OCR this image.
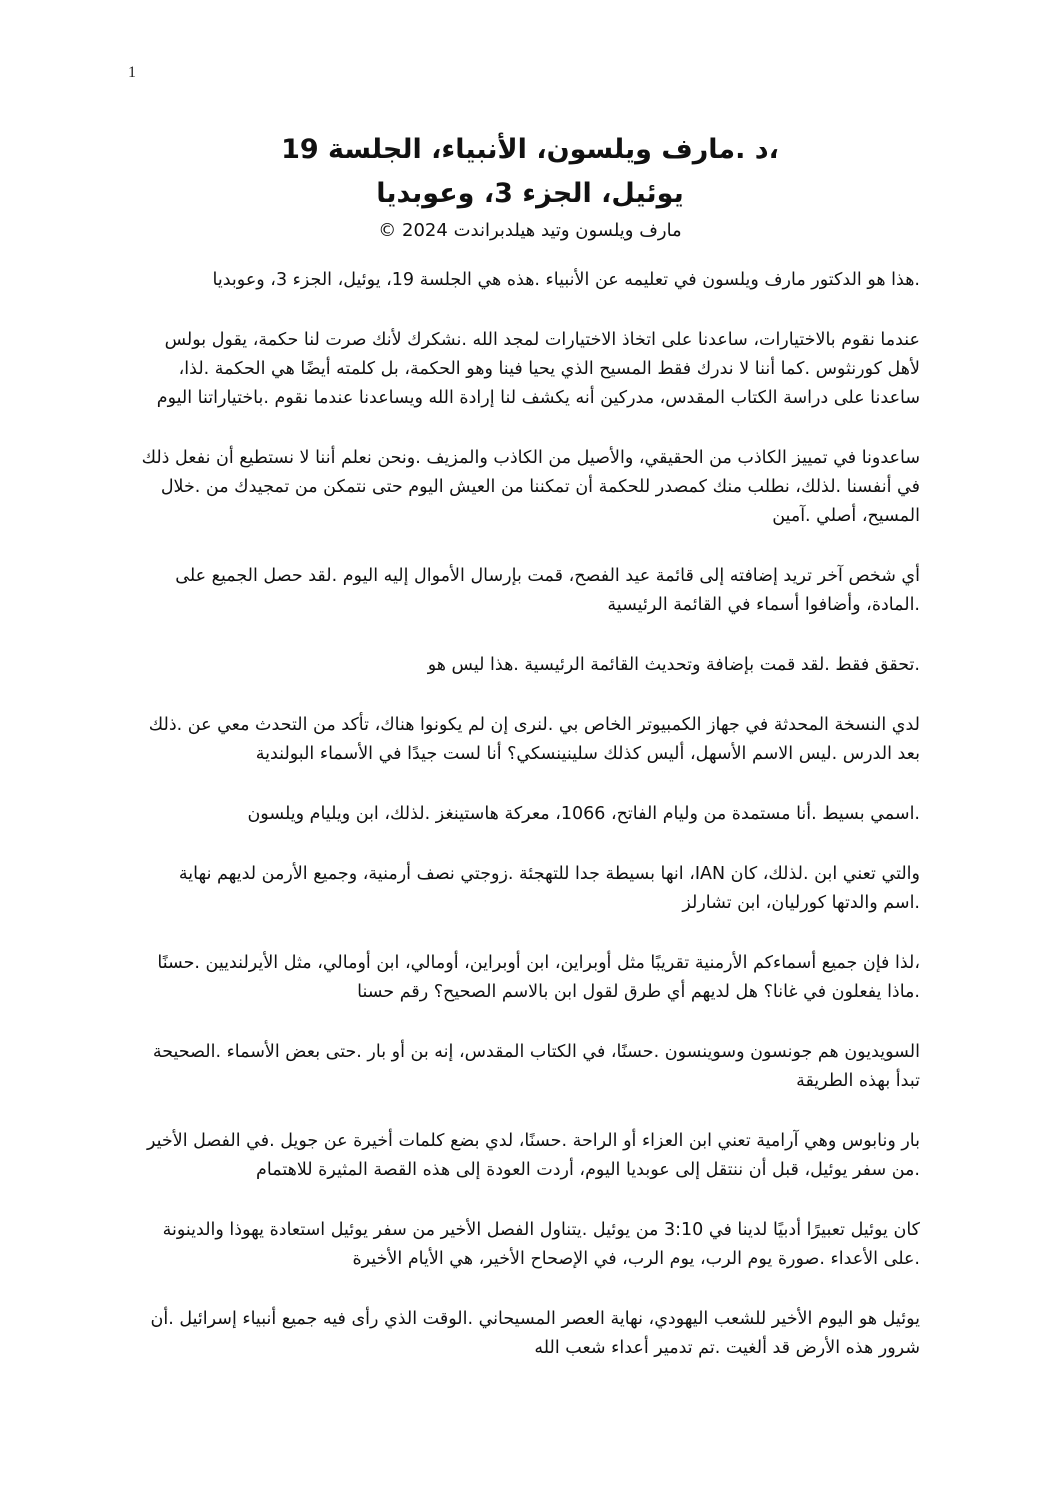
1

،د .مارف ويلسون، الأنبياء، الجلسة 19

يوئيل، الجزء 3، وعوبديا

مارف ويلسون وتيد هيلدبراندت 2024 ©

.هذا هو الدكتور مارف ويلسون في تعليمه عن الأنبياء .هذه هي الجلسة 19، يوئيل، الجزء 3، وعوبديا

عندما نقوم بالاختيارات، ساعدنا على اتخاذ الاختيارات لمجد الله .نشكرك لأنك صرت لنا حكمة، يقول بولس لأهل كورنثوس .كما أننا لا ندرك فقط المسيح الذي يحيا فينا وهو الحكمة، بل كلمته أيضًا هي الحكمة .لذا، ساعدنا على دراسة الكتاب المقدس، مدركين أنه يكشف لنا إرادة الله ويساعدنا عندما نقوم .باختياراتنا اليوم

ساعدونا في تمييز الكاذب من الحقيقي، والأصيل من الكاذب والمزيف .ونحن نعلم أننا لا نستطيع أن نفعل ذلك في أنفسنا .لذلك، نطلب منك كمصدر للحكمة أن تمكننا من العيش اليوم حتى نتمكن من تمجيدك من .خلال المسيح، أصلي .آمين

أي شخص آخر تريد إضافته إلى قائمة عيد الفصح، قمت بإرسال الأموال إليه اليوم .لقد حصل الجميع على .المادة، وأضافوا أسماء في القائمة الرئيسية

.تحقق فقط .لقد قمت بإضافة وتحديث القائمة الرئيسية .هذا ليس هو

لدي النسخة المحدثة في جهاز الكمبيوتر الخاص بي .لنرى إن لم يكونوا هناك، تأكد من التحدث معي عن .ذلك بعد الدرس .ليس الاسم الأسهل، أليس كذلك سلينينسكي؟ أنا لست جيدًا في الأسماء البولندية

.اسمي بسيط .أنا مستمدة من وليام الفاتح، 1066، معركة هاستينغز .لذلك، ابن ويليام ويلسون

والتي تعني ابن .لذلك، كان IAN، انها بسيطة جدا للتهجئة .زوجتي نصف أرمنية، وجميع الأرمن لديهم نهاية .اسم والدتها كورليان، ابن تشارلز

،لذا فإن جميع أسماءكم الأرمنية تقريبًا مثل أوبراين، ابن أوبراين، أومالي، ابن أومالي، مثل الأيرلنديين .حسنًا .ماذا يفعلون في غانا؟ هل لديهم أي طرق لقول ابن بالاسم الصحيح؟ رقم حسنا

السويديون هم جونسون وسوينسون .حسنًا، في الكتاب المقدس، إنه بن أو بار .حتى بعض الأسماء .الصحيحة تبدأ بهذه الطريقة

بار ونابوس وهي آرامية تعني ابن العزاء أو الراحة .حسنًا، لدي بضع كلمات أخيرة عن جويل .في الفصل الأخير .من سفر يوئيل، قبل أن ننتقل إلى عوبديا اليوم، أردت العودة إلى هذه القصة المثيرة للاهتمام

كان يوئيل تعبيرًا أدبيًا لدينا في 3:10 من يوئيل .يتناول الفصل الأخير من سفر يوئيل استعادة يهوذا والدينونة .على الأعداء .صورة يوم الرب، يوم الرب، في الإصحاح الأخير، هي الأيام الأخيرة

يوئيل هو اليوم الأخير للشعب اليهودي، نهاية العصر المسيحاني .الوقت الذي رأى فيه جميع أنبياء إسرائيل .أن شرور هذه الأرض قد ألغيت .تم تدمير أعداء شعب الله
